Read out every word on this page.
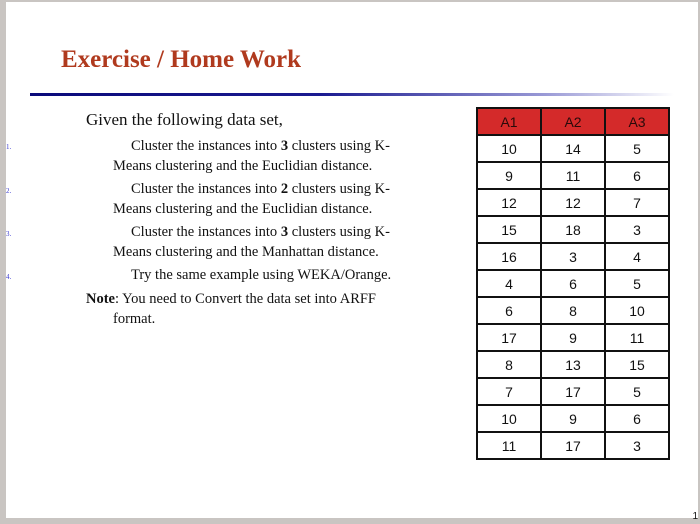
Exercise / Home Work
Given the following data set,
1.	Cluster the instances into 3 clusters using K-
Means clustering and the Euclidian distance.
2.	Cluster the instances into 2 clusters using K-
Means clustering and the Euclidian distance.
3.	Cluster the instances into 3 clusters using K-
Means clustering and the Manhattan distance.
4.	Try the same example using WEKA/Orange.
Note: You need to Convert the data set into ARFF
format.
A1	A2	A3
10	14	5
9	11	6
12	12	7
15	18	3
16	3	4
4	6	5
6	8	10
17	9	11
8	13	15
7	17	5
10	9	6
11	17	3
1
